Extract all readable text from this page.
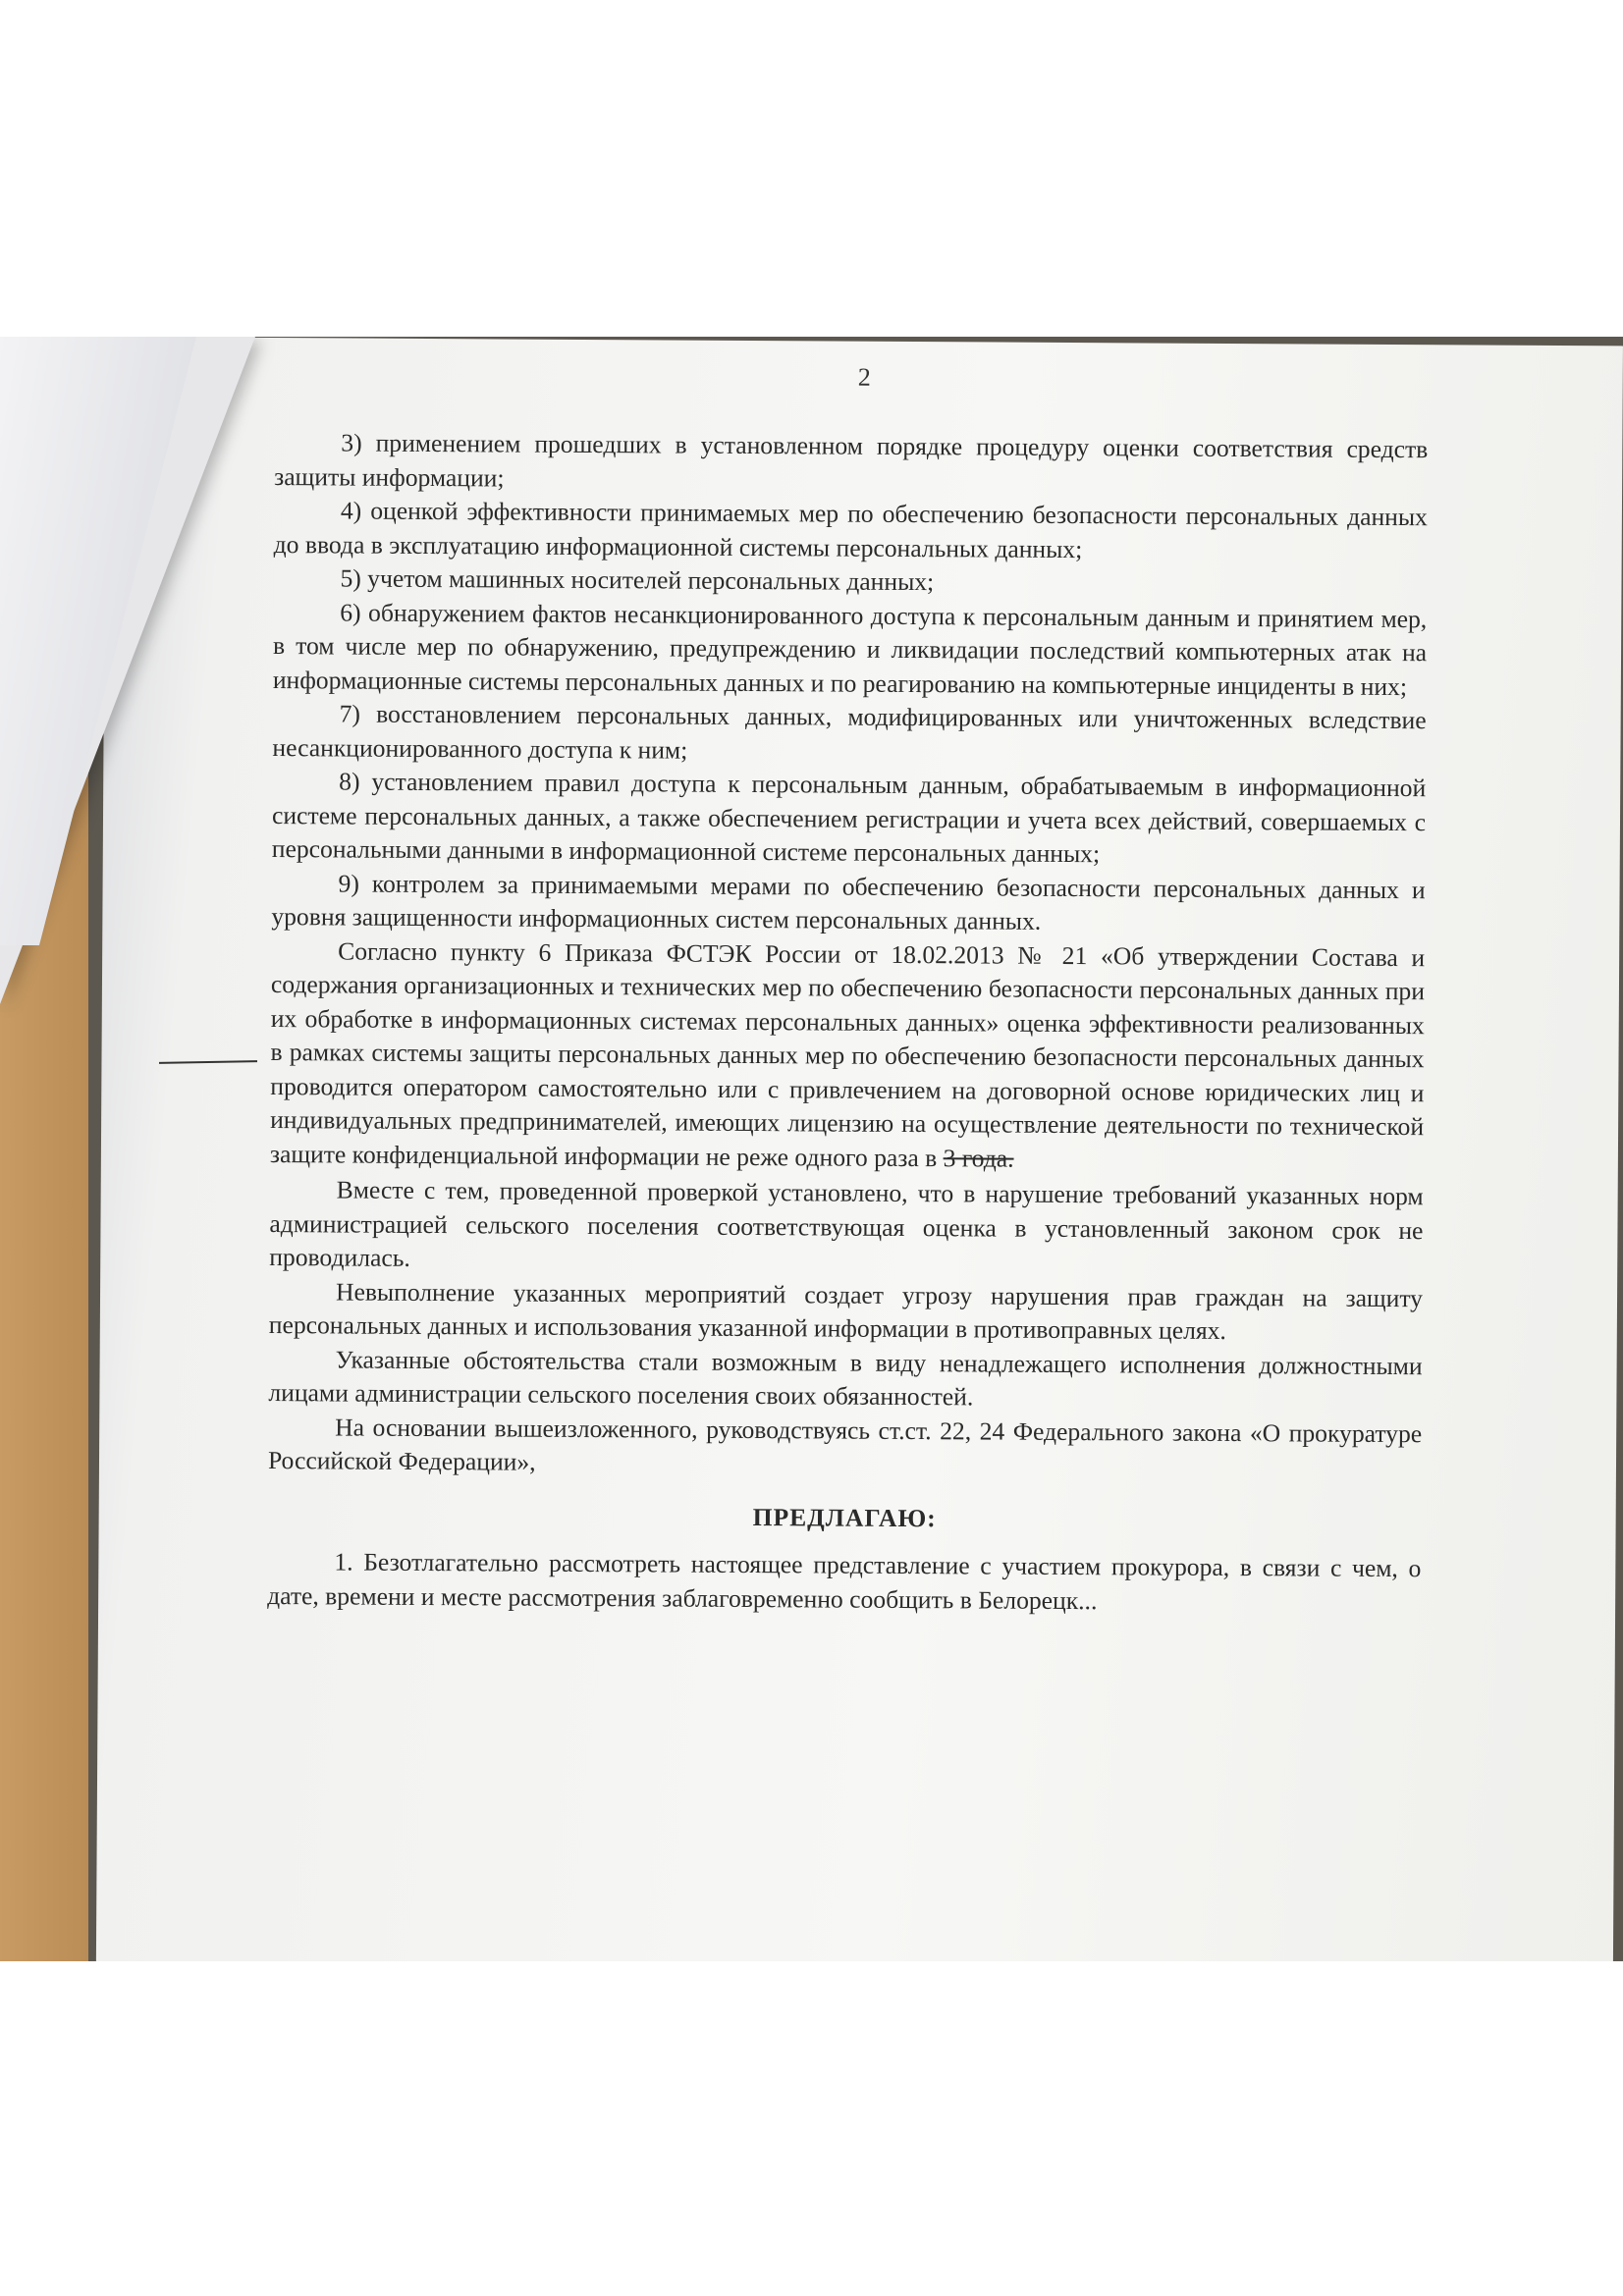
2

3) применением прошедших в установленном порядке процедуру оценки соответствия средств защиты информации;

4) оценкой эффективности принимаемых мер по обеспечению безопасности персональных данных до ввода в эксплуатацию информационной системы персональных данных;

5) учетом машинных носителей персональных данных;

6) обнаружением фактов несанкционированного доступа к персональным данным и принятием мер, в том числе мер по обнаружению, предупреждению и ликвидации последствий компьютерных атак на информационные системы персональных данных и по реагированию на компьютерные инциденты в них;

7) восстановлением персональных данных, модифицированных или уничтоженных вследствие несанкционированного доступа к ним;

8) установлением правил доступа к персональным данным, обрабатываемым в информационной системе персональных данных, а также обеспечением регистрации и учета всех действий, совершаемых с персональными данными в информационной системе персональных данных;

9) контролем за принимаемыми мерами по обеспечению безопасности персональных данных и уровня защищенности информационных систем персональных данных.

Согласно пункту 6 Приказа ФСТЭК России от 18.02.2013 № 21 «Об утверждении Состава и содержания организационных и технических мер по обеспечению безопасности персональных данных при их обработке в информационных системах персональных данных» оценка эффективности реализованных в рамках системы защиты персональных данных мер по обеспечению безопасности персональных данных проводится оператором самостоятельно или с привлечением на договорной основе юридических лиц и индивидуальных предпринимателей, имеющих лицензию на осуществление деятельности по технической защите конфиденциальной информации не реже одного раза в 3 года.

Вместе с тем, проведенной проверкой установлено, что в нарушение требований указанных норм администрацией сельского поселения соответствующая оценка в установленный законом срок не проводилась.

Невыполнение указанных мероприятий создает угрозу нарушения прав граждан на защиту персональных данных и использования указанной информации в противоправных целях.

Указанные обстоятельства стали возможным в виду ненадлежащего исполнения должностными лицами администрации сельского поселения своих обязанностей.

На основании вышеизложенного, руководствуясь ст.ст. 22, 24 Федерального закона «О прокуратуре Российской Федерации»,

ПРЕДЛАГАЮ:

1. Безотлагательно рассмотреть настоящее представление с участием прокурора, в связи с чем, о дате, времени и месте рассмотрения заблаговременно сообщить в Белорецк...
